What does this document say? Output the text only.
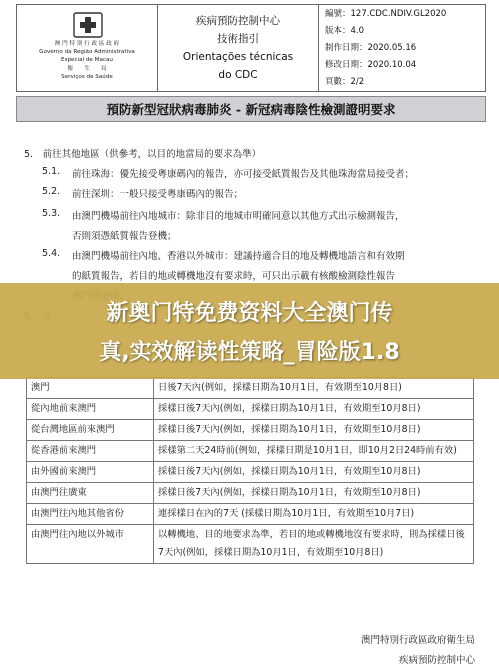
澳 門 特 別 行 政 區 政 府
Governo da Região Administrativa
Especial de Macau
衛　　生　　局
Serviços de Saúde
疾病預防控制中心
技術指引
Orientações técnicas
do CDC
編號：127.CDC.NDIV.GL2020
版本：4.0
制作日期：2020.05.16
修改日期：2020.10.04
頁數：2/2
預防新型冠狀病毒肺炎 - 新冠病毒陰性檢測證明要求
5.　前往其他地區（供參考，以目的地當局的要求為準）
5.1. 前往珠海：優先接受粵康碼內的報告，亦可接受紙質報告及其他珠海當局接受者；
5.2. 前往深圳：一般只接受粵康碼內的報告；
5.3. 由澳門機場前往內地城市：除非目的地城市明確同意以其他方式出示檢測報告，
否則須憑紙質報告登機；
5.4. 由澳門機場前往內地、香港以外城市：建議持適合目的地及轉機地語言和有效期
的紙質報告，若目的地或轉機地沒有要求時，可只出示載有核酸檢測陰性報告
澳門	日後7天內(例如，採樣日期為10月1日，有效期至10月8日)
從內地前來澳門	採樣日後7天內(例如，採樣日期為10月1日，有效期至10月8日)
從台灣地區前來澳門	採樣日後7天內(例如，採樣日期為10月1日，有效期至10月8日)
從香港前來澳門	採樣第二天24時前(例如，採樣日期是10月1日，即10月2日24時前有效)
由外國前來澳門	採樣日後7天內(例如，採樣日期為10月1日，有效期至10月8日)
由澳門往廣東	採樣日後7天內(例如，採樣日期為10月1日，有效期至10月8日)
由澳門往內地其他省份	連採樣日在內的7天 (採樣日期為10月1日，有效期至10月7日)
由澳門往內地以外城市	以轉機地、目的地要求為準，若目的地或轉機地沒有要求時，則為採樣日後7天內(例如，採樣日期為10月1日，有效期至10月8日)
新奥门特免费资料大全澳门传
真,实效解读性策略_冒险版1.8
澳門特別行政區政府衛生局
疾病預防控制中心
